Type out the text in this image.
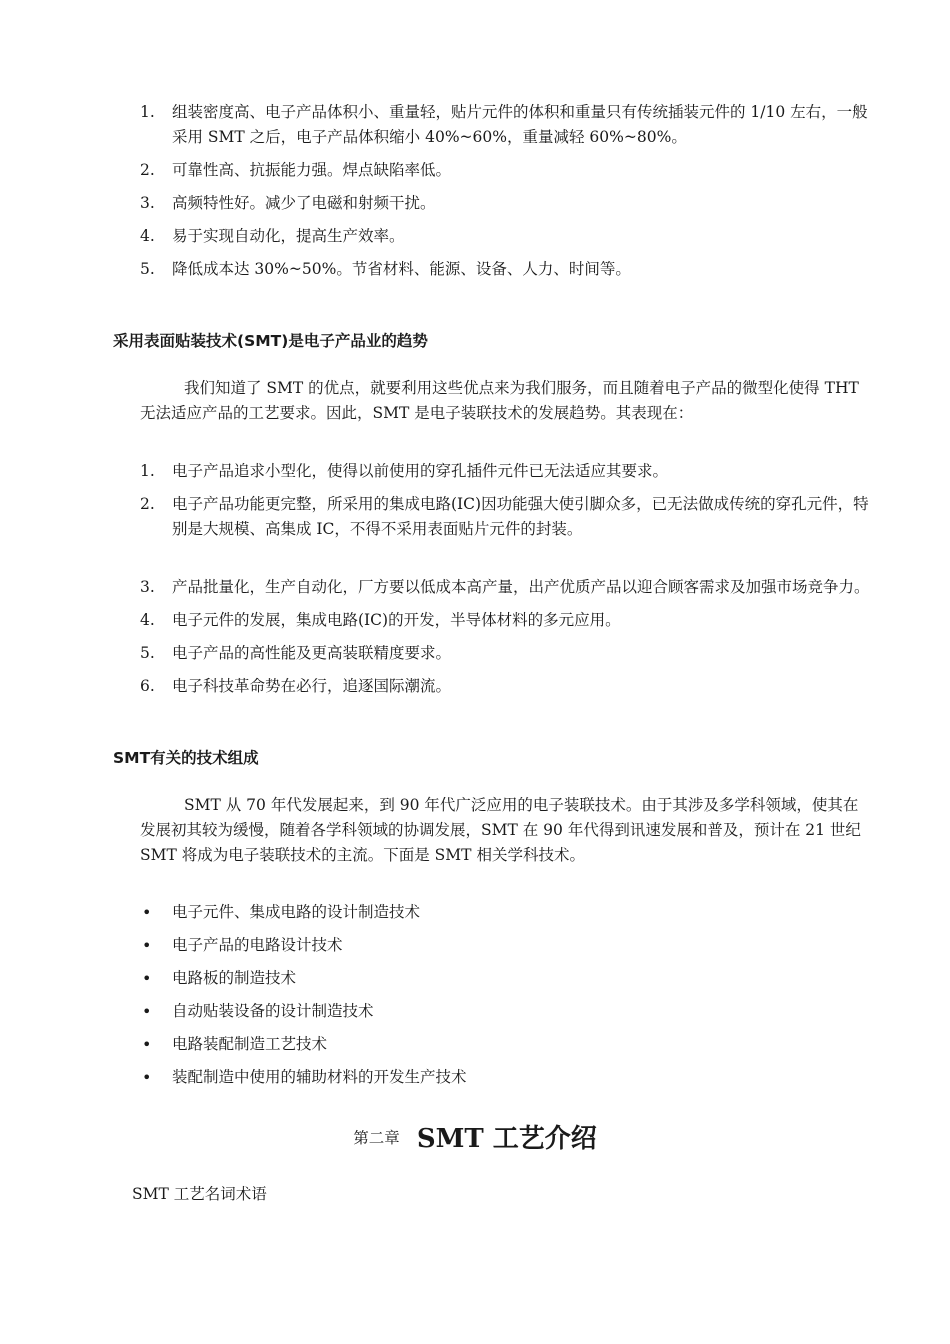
1. 组装密度高、电子产品体积小、重量轻，贴片元件的体积和重量只有传统插装元件的 1/10 左右，一般采用 SMT 之后，电子产品体积缩小 40%~60%，重量减轻 60%~80%。
2. 可靠性高、抗振能力强。焊点缺陷率低。
3. 高频特性好。减少了电磁和射频干扰。
4. 易于实现自动化，提高生产效率。
5. 降低成本达 30%~50%。节省材料、能源、设备、人力、时间等。
采用表面贴装技术(SMT)是电子产品业的趋势

我们知道了 SMT 的优点，就要利用这些优点来为我们服务，而且随着电子产品的微型化使得 THT 无法适应产品的工艺要求。因此，SMT 是电子装联技术的发展趋势。其表现在：

1. 电子产品追求小型化，使得以前使用的穿孔插件元件已无法适应其要求。
2. 电子产品功能更完整，所采用的集成电路(IC)因功能强大使引脚众多，已无法做成传统的穿孔元件，特别是大规模、高集成 IC，不得不采用表面贴片元件的封装。
3. 产品批量化，生产自动化，厂方要以低成本高产量，出产优质产品以迎合顾客需求及加强市场竞争力。
4. 电子元件的发展，集成电路(IC)的开发，半导体材料的多元应用。
5. 电子产品的高性能及更高装联精度要求。
6. 电子科技革命势在必行，追逐国际潮流。
SMT有关的技术组成

SMT 从 70 年代发展起来，到 90 年代广泛应用的电子装联技术。由于其涉及多学科领域，使其在发展初其较为缓慢，随着各学科领域的协调发展，SMT 在 90 年代得到讯速发展和普及，预计在 21 世纪 SMT 将成为电子装联技术的主流。下面是 SMT 相关学科技术。

• 电子元件、集成电路的设计制造技术
• 电子产品的电路设计技术
• 电路板的制造技术
• 自动贴装设备的设计制造技术
• 电路装配制造工艺技术
• 装配制造中使用的辅助材料的开发生产技术
第二章 SMT 工艺介绍
SMT 工艺名词术语
